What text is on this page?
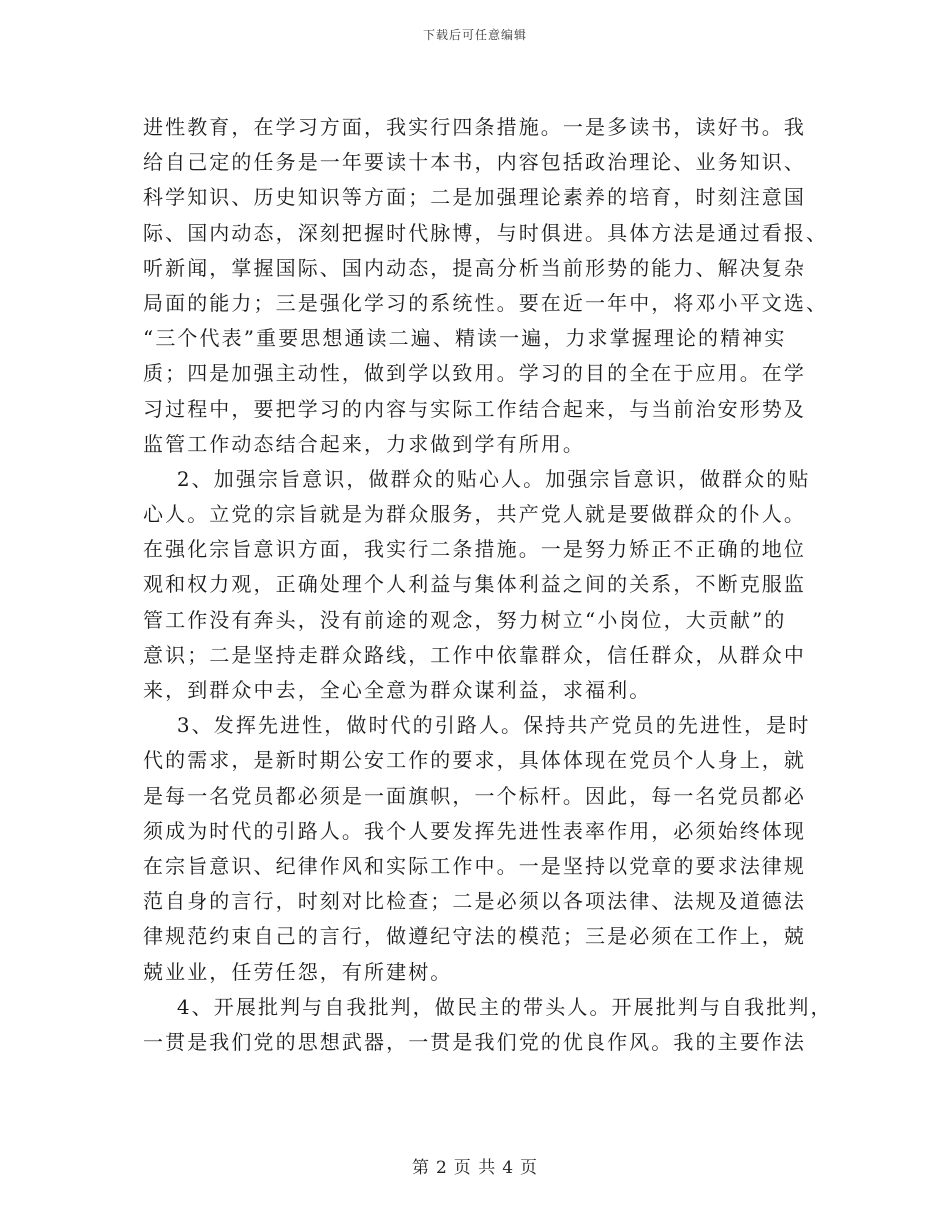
下载后可任意编辑
进性教育，在学习方面，我实行四条措施。一是多读书，读好书。我
给自己定的任务是一年要读十本书，内容包括政治理论、业务知识、
科学知识、历史知识等方面；二是加强理论素养的培育，时刻注意国
际、国内动态，深刻把握时代脉博，与时俱进。具体方法是通过看报、
听新闻，掌握国际、国内动态，提高分析当前形势的能力、解决复杂
局面的能力；三是强化学习的系统性。要在近一年中，将邓小平文选、
“三个代表”重要思想通读二遍、精读一遍，力求掌握理论的精神实
质；四是加强主动性，做到学以致用。学习的目的全在于应用。在学
习过程中，要把学习的内容与实际工作结合起来，与当前治安形势及
监管工作动态结合起来，力求做到学有所用。
2、加强宗旨意识，做群众的贴心人。加强宗旨意识，做群众的贴
心人。立党的宗旨就是为群众服务，共产党人就是要做群众的仆人。
在强化宗旨意识方面，我实行二条措施。一是努力矫正不正确的地位
观和权力观，正确处理个人利益与集体利益之间的关系，不断克服监
管工作没有奔头，没有前途的观念，努力树立“小岗位，大贡献”的
意识；二是坚持走群众路线，工作中依靠群众，信任群众，从群众中
来，到群众中去，全心全意为群众谋利益，求福利。
3、发挥先进性，做时代的引路人。保持共产党员的先进性，是时
代的需求，是新时期公安工作的要求，具体体现在党员个人身上，就
是每一名党员都必须是一面旗帜，一个标杆。因此，每一名党员都必
须成为时代的引路人。我个人要发挥先进性表率作用，必须始终体现
在宗旨意识、纪律作风和实际工作中。一是坚持以党章的要求法律规
范自身的言行，时刻对比检查；二是必须以各项法律、法规及道德法
律规范约束自己的言行，做遵纪守法的模范；三是必须在工作上，兢
兢业业，任劳任怨，有所建树。
4、开展批判与自我批判，做民主的带头人。开展批判与自我批判，
一贯是我们党的思想武器，一贯是我们党的优良作风。我的主要作法
第 2 页 共 4 页
